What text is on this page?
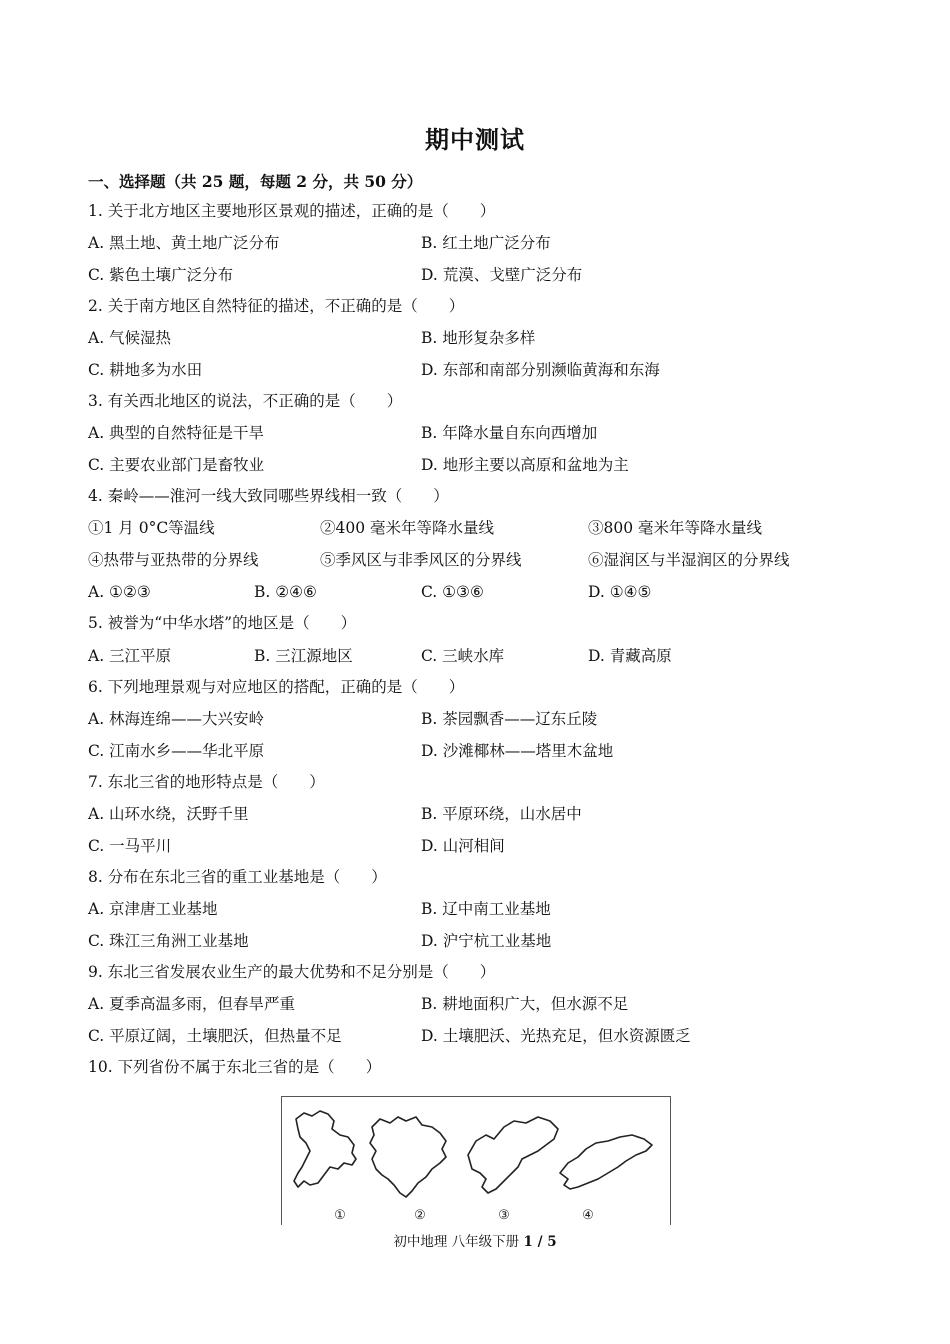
期中测试
一、选择题（共 25 题，每题 2 分，共 50 分）
1. 关于北方地区主要地形区景观的描述，正确的是（　　）
A. 黑土地、黄土地广泛分布	B. 红土地广泛分布
C. 紫色土壤广泛分布	D. 荒漠、戈壁广泛分布
2. 关于南方地区自然特征的描述，不正确的是（　　）
A. 气候湿热	B. 地形复杂多样
C. 耕地多为水田	D. 东部和南部分别濒临黄海和东海
3. 有关西北地区的说法，不正确的是（　　）
A. 典型的自然特征是干旱	B. 年降水量自东向西增加
C. 主要农业部门是畜牧业	D. 地形主要以高原和盆地为主
4. 秦岭——淮河一线大致同哪些界线相一致（　　）
①1 月 0°C等温线	②400 毫米年等降水量线	③800 毫米年等降水量线
④热带与亚热带的分界线	⑤季风区与非季风区的分界线	⑥湿润区与半湿润区的分界线
A. ①②③	B. ②④⑥	C. ①③⑥	D. ①④⑤
5. 被誉为“中华水塔”的地区是（　　）
A. 三江平原	B. 三江源地区	C. 三峡水库	D. 青藏高原
6. 下列地理景观与对应地区的搭配，正确的是（　　）
A. 林海连绵——大兴安岭	B. 茶园飘香——辽东丘陵
C. 江南水乡——华北平原	D. 沙滩椰林——塔里木盆地
7. 东北三省的地形特点是（　　）
A. 山环水绕，沃野千里	B. 平原环绕，山水居中
C. 一马平川	D. 山河相间
8. 分布在东北三省的重工业基地是（　　）
A. 京津唐工业基地	B. 辽中南工业基地
C. 珠江三角洲工业基地	D. 沪宁杭工业基地
9. 东北三省发展农业生产的最大优势和不足分别是（　　）
A. 夏季高温多雨，但春旱严重	B. 耕地面积广大，但水源不足
C. 平原辽阔，土壤肥沃，但热量不足	D. 土壤肥沃、光热充足，但水资源匮乏
10. 下列省份不属于东北三省的是（　　）
①	②	③	④
初中地理 八年级下册 1 / 5
